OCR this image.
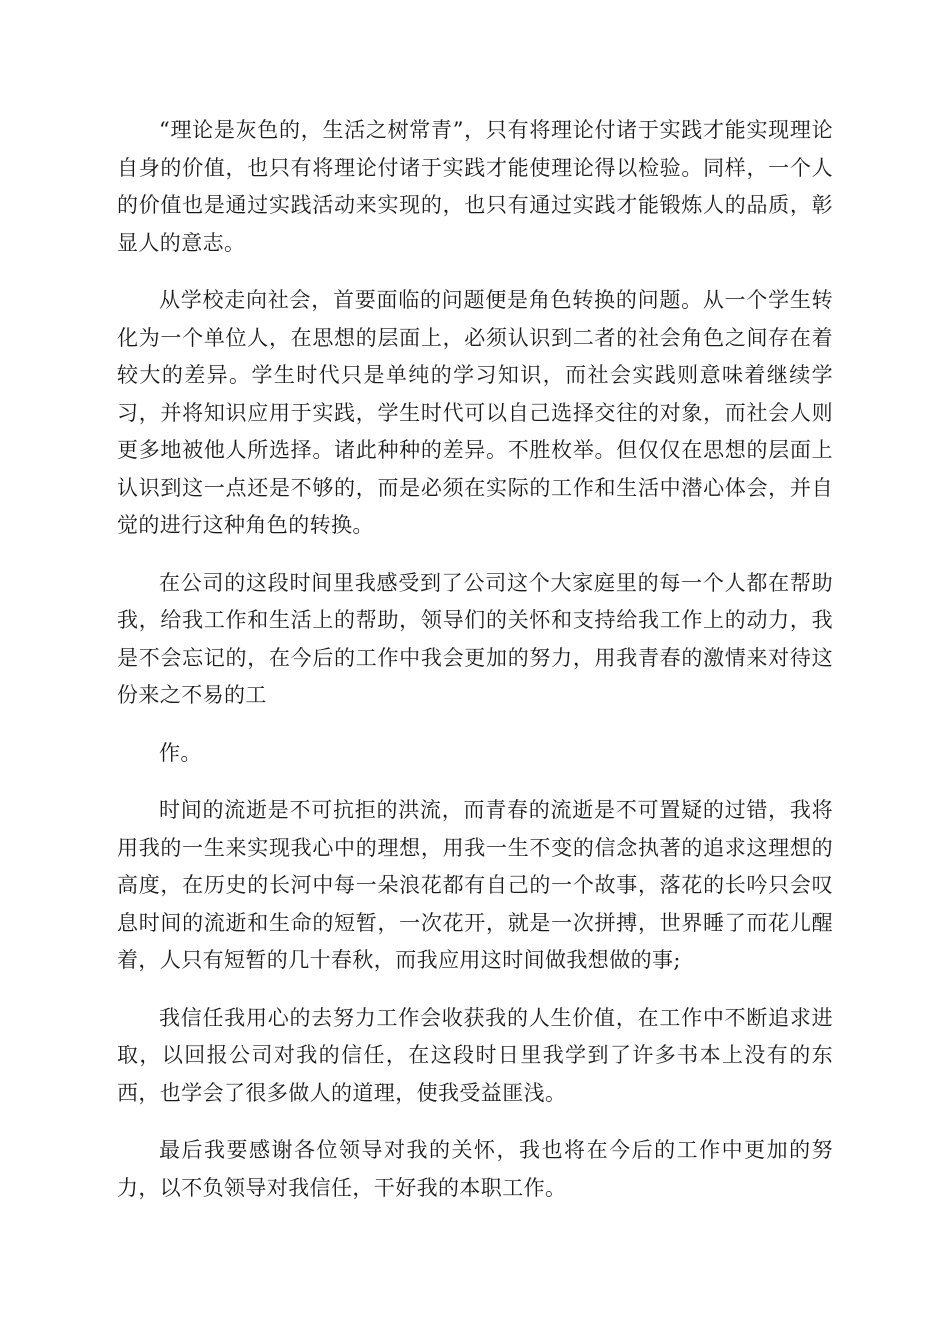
“理论是灰色的，生活之树常青”，只有将理论付诸于实践才能实现理论自身的价值，也只有将理论付诸于实践才能使理论得以检验。同样，一个人的价值也是通过实践活动来实现的，也只有通过实践才能锻炼人的品质，彰显人的意志。

从学校走向社会，首要面临的问题便是角色转换的问题。从一个学生转化为一个单位人，在思想的层面上，必须认识到二者的社会角色之间存在着较大的差异。学生时代只是单纯的学习知识，而社会实践则意味着继续学习，并将知识应用于实践，学生时代可以自己选择交往的对象，而社会人则更多地被他人所选择。诸此种种的差异。不胜枚举。但仅仅在思想的层面上认识到这一点还是不够的，而是必须在实际的工作和生活中潜心体会，并自觉的进行这种角色的转换。

在公司的这段时间里我感受到了公司这个大家庭里的每一个人都在帮助我，给我工作和生活上的帮助，领导们的关怀和支持给我工作上的动力，我是不会忘记的，在今后的工作中我会更加的努力，用我青春的激情来对待这份来之不易的工

作。

时间的流逝是不可抗拒的洪流，而青春的流逝是不可置疑的过错，我将用我的一生来实现我心中的理想，用我一生不变的信念执著的追求这理想的高度，在历史的长河中每一朵浪花都有自己的一个故事，落花的长吟只会叹息时间的流逝和生命的短暂，一次花开，就是一次拼搏，世界睡了而花儿醒着，人只有短暂的几十春秋，而我应用这时间做我想做的事;

我信任我用心的去努力工作会收获我的人生价值，在工作中不断追求进取，以回报公司对我的信任，在这段时日里我学到了许多书本上没有的东西，也学会了很多做人的道理，使我受益匪浅。

最后我要感谢各位领导对我的关怀，我也将在今后的工作中更加的努力，以不负领导对我信任，干好我的本职工作。
